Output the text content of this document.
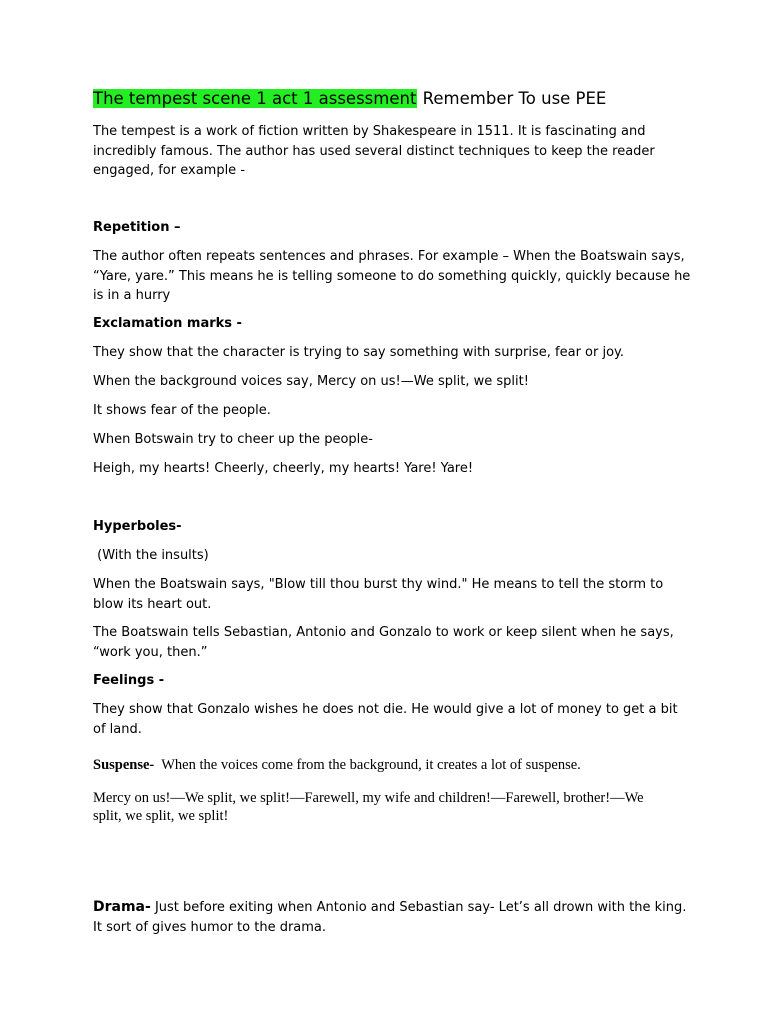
The tempest scene 1 act 1 assessment Remember To use PEE
The tempest is a work of fiction written by Shakespeare in 1511. It is fascinating and incredibly famous. The author has used several distinct techniques to keep the reader engaged, for example -
Repetition –
The author often repeats sentences and phrases. For example – When the Boatswain says, “Yare, yare.” This means he is telling someone to do something quickly, quickly because he is in a hurry
Exclamation marks -
They show that the character is trying to say something with surprise, fear or joy.
When the background voices say, Mercy on us!—We split, we split!
It shows fear of the people.
When Botswain try to cheer up the people-
Heigh, my hearts! Cheerly, cheerly, my hearts! Yare! Yare!
Hyperboles-
(With the insults)
When the Boatswain says, "Blow till thou burst thy wind." He means to tell the storm to blow its heart out.
The Boatswain tells Sebastian, Antonio and Gonzalo to work or keep silent when he says, “work you, then.”
Feelings -
They show that Gonzalo wishes he does not die. He would give a lot of money to get a bit of land.
Suspense-  When the voices come from the background, it creates a lot of suspense.
Mercy on us!—We split, we split!—Farewell, my wife and children!—Farewell, brother!—We split, we split, we split!
Drama- Just before exiting when Antonio and Sebastian say- Let’s all drown with the king. It sort of gives humor to the drama.
